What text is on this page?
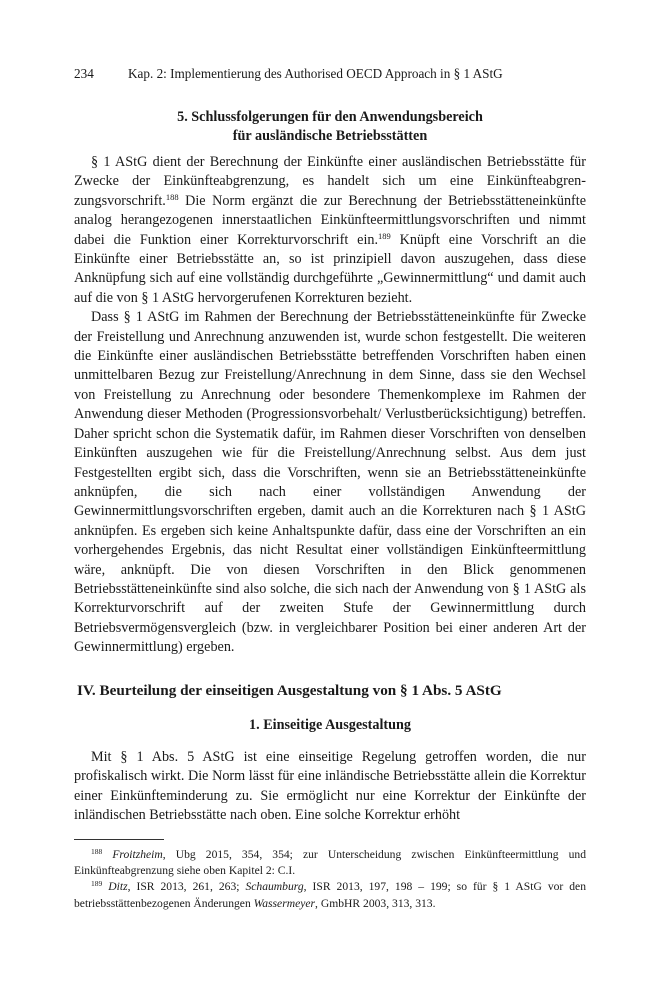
234	Kap. 2: Implementierung des Authorised OECD Approach in § 1 AStG
5. Schlussfolgerungen für den Anwendungsbereich
für ausländische Betriebsstätten

§ 1 AStG dient der Berechnung der Einkünfte einer ausländischen Betriebsstätte für Zwecke der Einkünfteabgrenzung, es handelt sich um eine Einkünfteabgren-zungsvorschrift.$^{188}$ Die Norm ergänzt die zur Berechnung der Betriebsstätteneinkünfte analog herangezogenen innerstaatlichen Einkünfteermittlungsvorschriften und nimmt dabei die Funktion einer Korrekturvorschrift ein.$^{189}$ Knüpft eine Vorschrift an die Einkünfte einer Betriebsstätte an, so ist prinzipiell davon auszugehen, dass diese Anknüpfung sich auf eine vollständig durchgeführte „Gewinnermittlung“ und damit auch auf die von § 1 AStG hervorgerufenen Korrekturen bezieht.

Dass § 1 AStG im Rahmen der Berechnung der Betriebsstätteneinkünfte für Zwecke der Freistellung und Anrechnung anzuwenden ist, wurde schon festgestellt. Die weiteren die Einkünfte einer ausländischen Betriebsstätte betreffenden Vorschriften haben einen unmittelbaren Bezug zur Freistellung/Anrechnung in dem Sinne, dass sie den Wechsel von Freistellung zu Anrechnung oder besondere Themenkomplexe im Rahmen der Anwendung dieser Methoden (Progressionsvorbehalt/ Verlustberücksichtigung) betreffen. Daher spricht schon die Systematik dafür, im Rahmen dieser Vorschriften von denselben Einkünften auszugehen wie für die Freistellung/Anrechnung selbst. Aus dem just Festgestellten ergibt sich, dass die Vorschriften, wenn sie an Betriebsstätteneinkünfte anknüpfen, die sich nach einer vollständigen Anwendung der Gewinnermittlungsvorschriften ergeben, damit auch an die Korrekturen nach § 1 AStG anknüpfen. Es ergeben sich keine Anhaltspunkte dafür, dass eine der Vorschriften an ein vorhergehendes Ergebnis, das nicht Resultat einer vollständigen Einkünfteermittlung wäre, anknüpft. Die von diesen Vorschriften in den Blick genommenen Betriebsstätteneinkünfte sind also solche, die sich nach der Anwendung von § 1 AStG als Korrekturvorschrift auf der zweiten Stufe der Gewinnermittlung durch Betriebsvermögensvergleich (bzw. in vergleichbarer Position bei einer anderen Art der Gewinnermittlung) ergeben.

IV. Beurteilung der einseitigen Ausgestaltung von § 1 Abs. 5 AStG
1. Einseitige Ausgestaltung

Mit § 1 Abs. 5 AStG ist eine einseitige Regelung getroffen worden, die nur profiskalisch wirkt. Die Norm lässt für eine inländische Betriebsstätte allein die Korrektur einer Einkünfteminderung zu. Sie ermöglicht nur eine Korrektur der Einkünfte der inländischen Betriebsstätte nach oben. Eine solche Korrektur erhöht

$^{188}$ Froitzheim, Ubg 2015, 354, 354; zur Unterscheidung zwischen Einkünfteermittlung und Einkünfteabgrenzung siehe oben Kapitel 2: C.I.

$^{189}$ Ditz, ISR 2013, 261, 263; Schaumburg, ISR 2013, 197, 198 – 199; so für § 1 AStG vor den betriebsstättenbezogenen Änderungen Wassermeyer, GmbHR 2003, 313, 313.
